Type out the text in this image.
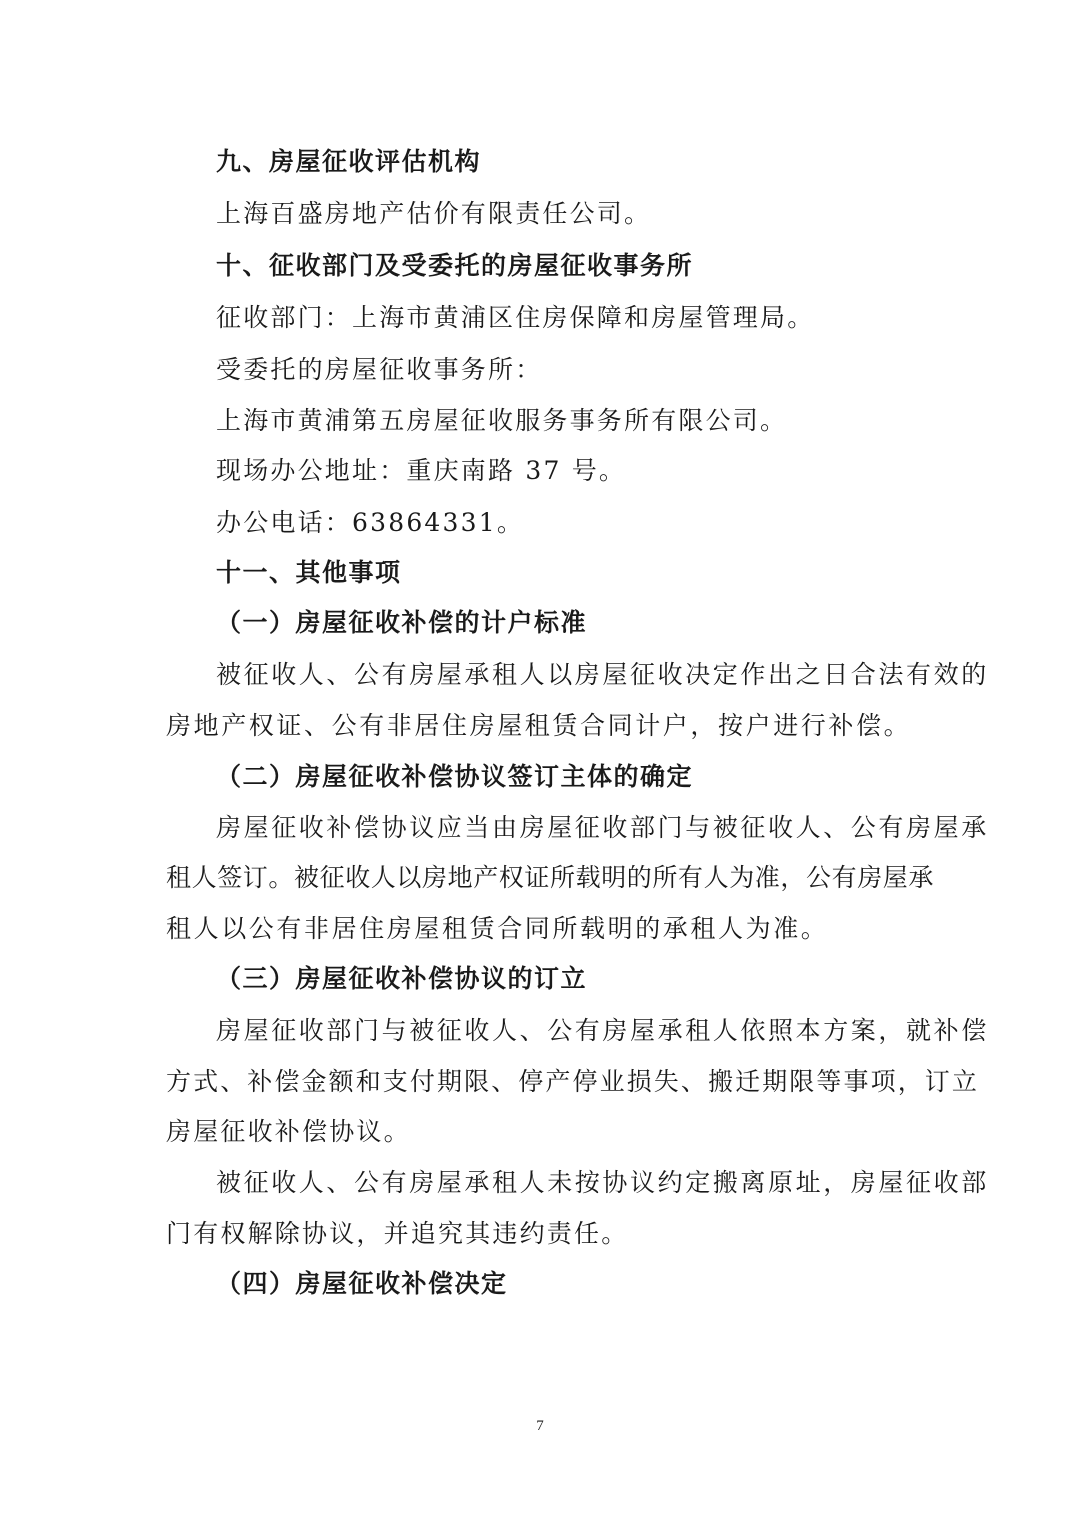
九、房屋征收评估机构
上海百盛房地产估价有限责任公司。
十、征收部门及受委托的房屋征收事务所
征收部门：上海市黄浦区住房保障和房屋管理局。
受委托的房屋征收事务所：
上海市黄浦第五房屋征收服务事务所有限公司。
现场办公地址：重庆南路 37 号。
办公电话：63864331。
十一、其他事项
（一）房屋征收补偿的计户标准
被征收人、公有房屋承租人以房屋征收决定作出之日合法有效的
房地产权证、公有非居住房屋租赁合同计户，按户进行补偿。
（二）房屋征收补偿协议签订主体的确定
房屋征收补偿协议应当由房屋征收部门与被征收人、公有房屋承
租人签订。被征收人以房地产权证所载明的所有人为准，公有房屋承
租人以公有非居住房屋租赁合同所载明的承租人为准。
（三）房屋征收补偿协议的订立
房屋征收部门与被征收人、公有房屋承租人依照本方案，就补偿
方式、补偿金额和支付期限、停产停业损失、搬迁期限等事项，订立
房屋征收补偿协议。
被征收人、公有房屋承租人未按协议约定搬离原址，房屋征收部
门有权解除协议，并追究其违约责任。
（四）房屋征收补偿决定
7
